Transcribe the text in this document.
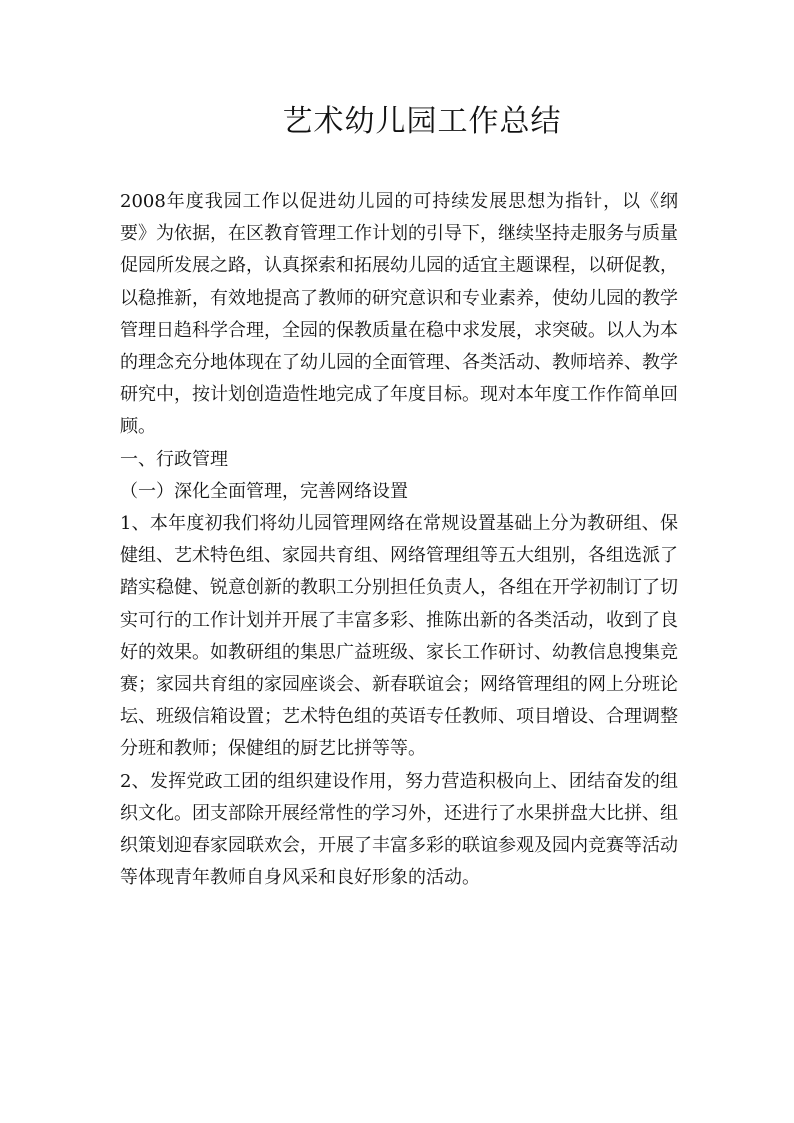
艺术幼儿园工作总结

2008年度我园工作以促进幼儿园的可持续发展思想为指针，以《纲要》为依据，在区教育管理工作计划的引导下，继续坚持走服务与质量促园所发展之路，认真探索和拓展幼儿园的适宜主题课程，以研促教，以稳推新，有效地提高了教师的研究意识和专业素养，使幼儿园的教学管理日趋科学合理，全园的保教质量在稳中求发展，求突破。以人为本的理念充分地体现在了幼儿园的全面管理、各类活动、教师培养、教学研究中，按计划创造造性地完成了年度目标。现对本年度工作作简单回顾。

一、行政管理

（一）深化全面管理，完善网络设置

1、本年度初我们将幼儿园管理网络在常规设置基础上分为教研组、保健组、艺术特色组、家园共育组、网络管理组等五大组别，各组选派了踏实稳健、锐意创新的教职工分别担任负责人，各组在开学初制订了切实可行的工作计划并开展了丰富多彩、推陈出新的各类活动，收到了良好的效果。如教研组的集思广益班级、家长工作研讨、幼教信息搜集竞赛；家园共育组的家园座谈会、新春联谊会；网络管理组的网上分班论坛、班级信箱设置；艺术特色组的英语专任教师、项目增设、合理调整分班和教师；保健组的厨艺比拼等等。

2、发挥党政工团的组织建设作用，努力营造积极向上、团结奋发的组织文化。团支部除开展经常性的学习外，还进行了水果拼盘大比拼、组织策划迎春家园联欢会，开展了丰富多彩的联谊参观及园内竞赛等活动等体现青年教师自身风采和良好形象的活动。
